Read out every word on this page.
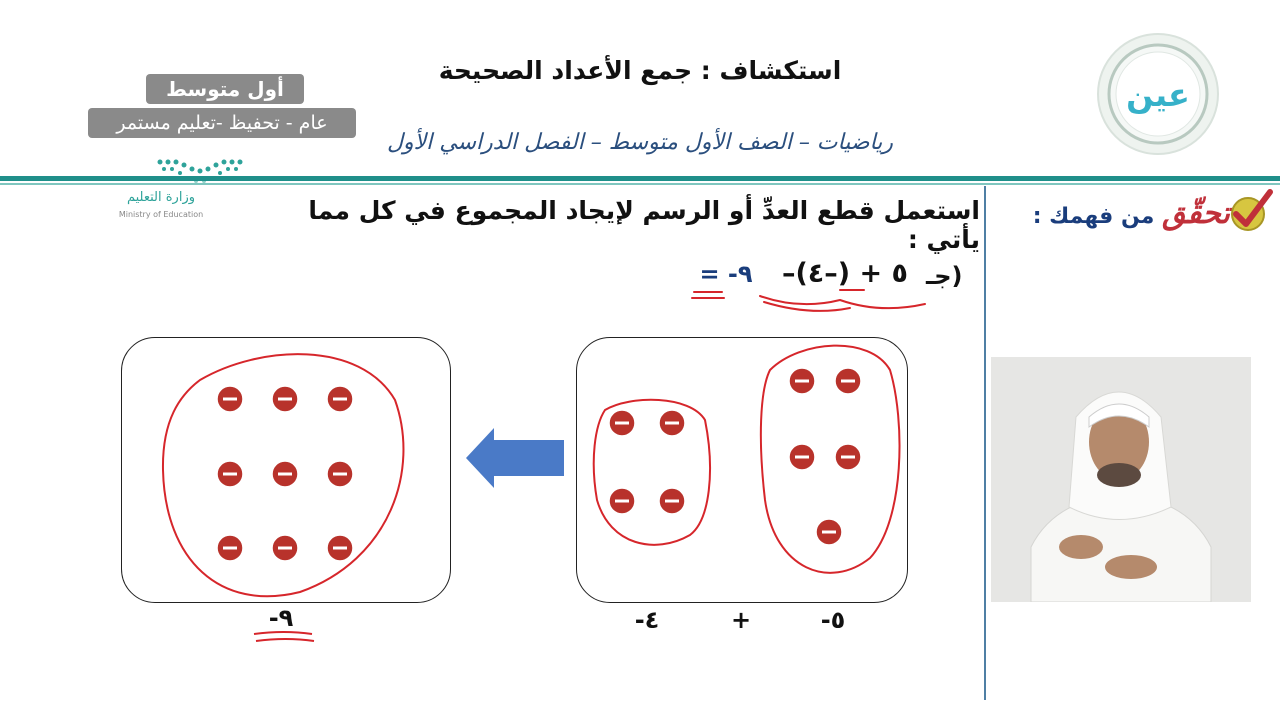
استكشاف : جمع الأعداد الصحيحة
رياضيات – الصف الأول متوسط – الفصل الدراسي الأول
أول متوسط
عام - تحفيظ -تعليم مستمر
وزارة التعليم
Ministry of Education
عين
تحقّق من فهمك :
استعمل قطع العدِّ أو الرسم لإيجاد المجموع في كل مما يأتي :
جـ)
–٥ + (–٤)
= ‎-٩
-٥
+
-٤
-٩
